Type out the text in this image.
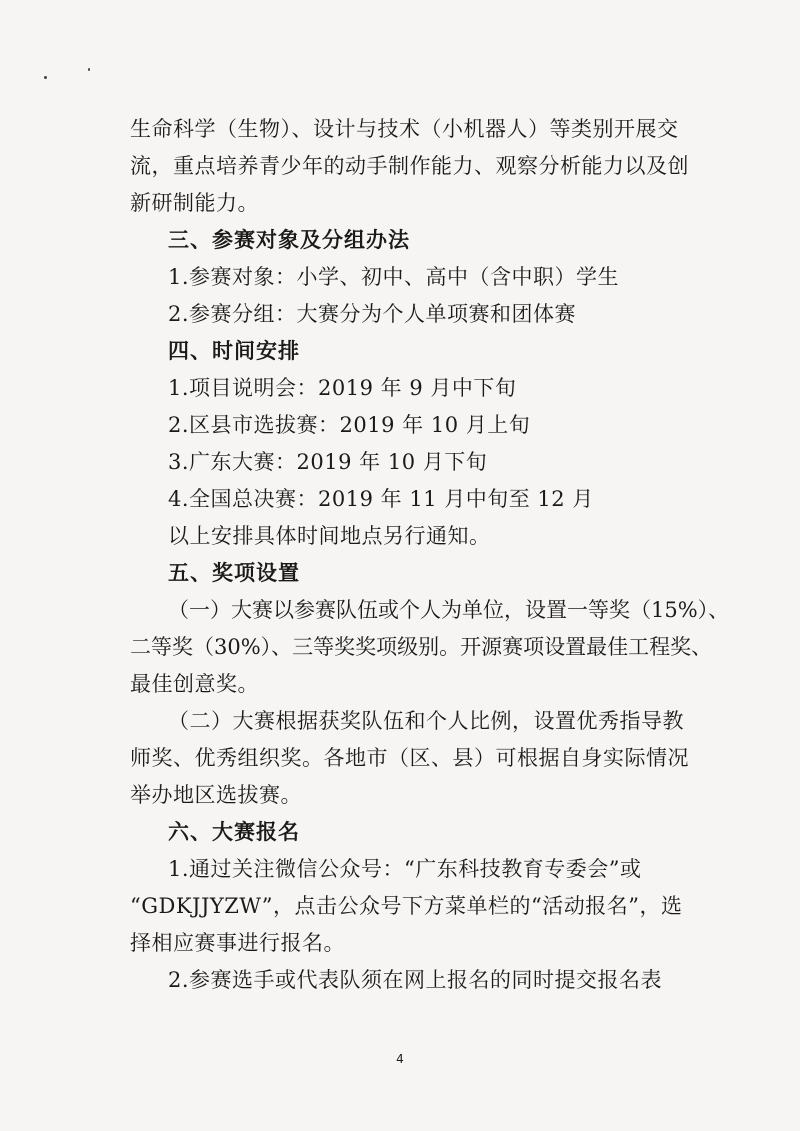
生命科学（生物）、设计与技术（小机器人）等类别开展交
流，重点培养青少年的动手制作能力、观察分析能力以及创
新研制能力。
三、参赛对象及分组办法
1.参赛对象：小学、初中、高中（含中职）学生
2.参赛分组：大赛分为个人单项赛和团体赛
四、时间安排
1.项目说明会：2019 年 9 月中下旬
2.区县市选拔赛：2019 年 10 月上旬
3.广东大赛：2019 年 10 月下旬
4.全国总决赛：2019 年 11 月中旬至 12 月
以上安排具体时间地点另行通知。
五、奖项设置
（一）大赛以参赛队伍或个人为单位，设置一等奖（15%）、
二等奖（30%）、三等奖奖项级别。开源赛项设置最佳工程奖、
最佳创意奖。
（二）大赛根据获奖队伍和个人比例，设置优秀指导教
师奖、优秀组织奖。各地市（区、县）可根据自身实际情况
举办地区选拔赛。
六、大赛报名
1.通过关注微信公众号：“广东科技教育专委会”或
“GDKJJYZW”，点击公众号下方菜单栏的“活动报名”，选
择相应赛事进行报名。
2.参赛选手或代表队须在网上报名的同时提交报名表
4
